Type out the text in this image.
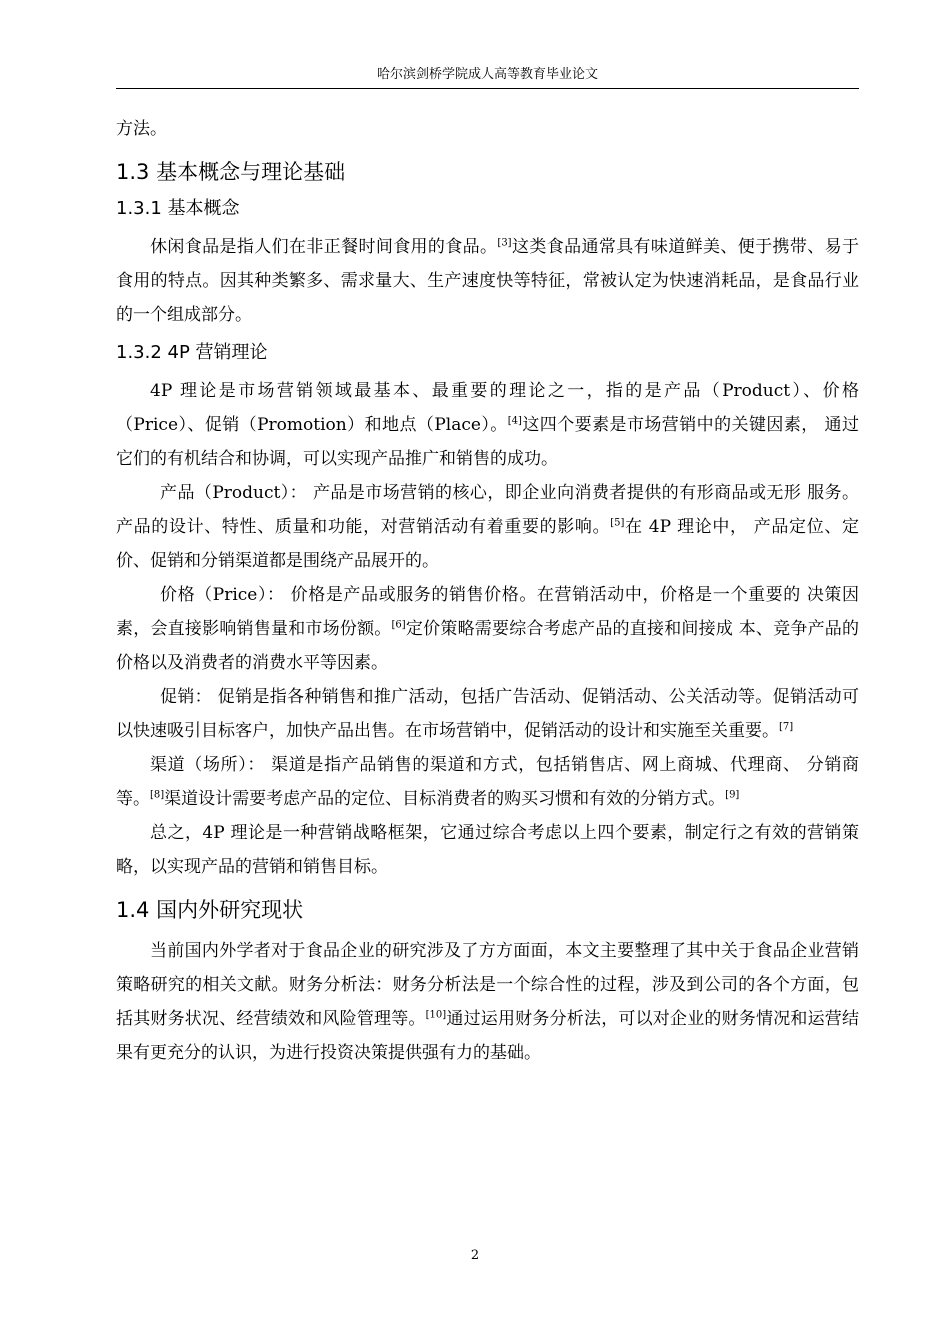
哈尔滨剑桥学院成人高等教育毕业论文

方法。

1.3 基本概念与理论基础
1.3.1 基本概念

休闲食品是指人们在非正餐时间食用的食品。[3]这类食品通常具有味道鲜美、便于携带、易于食用的特点。因其种类繁多、需求量大、生产速度快等特征，常被认定为快速消耗品，是食品行业的一个组成部分。

1.3.2 4P 营销理论

4P 理论是市场营销领域最基本、最重要的理论之一，指的是产品（Product）、价格（Price）、促销（Promotion）和地点（Place）。[4]这四个要素是市场营销中的关键因素， 通过它们的有机结合和协调，可以实现产品推广和销售的成功。

产品（Product）： 产品是市场营销的核心，即企业向消费者提供的有形商品或无形 服务。产品的设计、特性、质量和功能，对营销活动有着重要的影响。[5]在 4P 理论中， 产品定位、定价、促销和分销渠道都是围绕产品展开的。

价格（Price）： 价格是产品或服务的销售价格。在营销活动中，价格是一个重要的 决策因素，会直接影响销售量和市场份额。[6]定价策略需要综合考虑产品的直接和间接成 本、竞争产品的价格以及消费者的消费水平等因素。

促销： 促销是指各种销售和推广活动，包括广告活动、促销活动、公关活动等。促销活动可以快速吸引目标客户，加快产品出售。在市场营销中，促销活动的设计和实施至关重要。[7]

渠道（场所）： 渠道是指产品销售的渠道和方式，包括销售店、网上商城、代理商、 分销商等。[8]渠道设计需要考虑产品的定位、目标消费者的购买习惯和有效的分销方式。[9]

总之，4P 理论是一种营销战略框架，它通过综合考虑以上四个要素，制定行之有效的营销策略，以实现产品的营销和销售目标。

1.4 国内外研究现状

当前国内外学者对于食品企业的研究涉及了方方面面，本文主要整理了其中关于食品企业营销策略研究的相关文献。财务分析法：财务分析法是一个综合性的过程，涉及到公司的各个方面，包括其财务状况、经营绩效和风险管理等。[10]通过运用财务分析法，可以对企业的财务情况和运营结果有更充分的认识，为进行投资决策提供强有力的基础。

2
